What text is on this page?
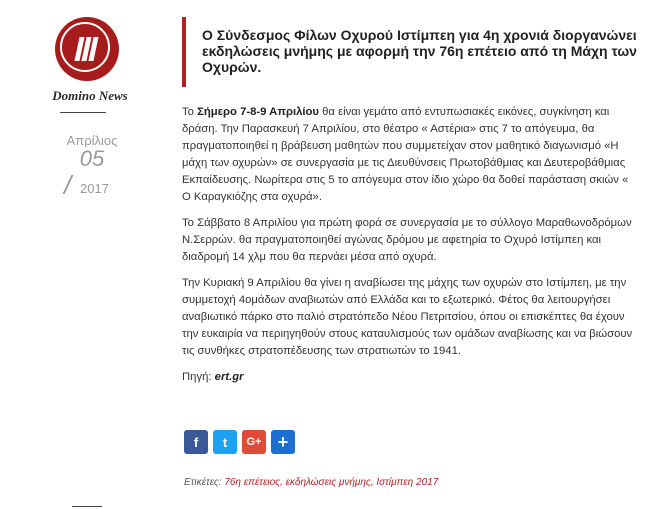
Domino News
Απρίλιος
05
/ 2017
Ο Σύνδεσμος Φίλων Οχυρού Ιστίμπεη για 4η χρονιά διοργανώνει εκδηλώσεις μνήμης με αφορμή την 76η επέτειο από τη Μάχη των Οχυρών.

Το Σήμερο 7-8-9 Απριλίου θα είναι γεμάτο από εντυπωσιακές εικόνες, συγκίνηση και δράση. Την Παρασκευή 7 Απριλίου, στο θέατρο « Αστέρια» στις 7 το απόγευμα, θα πραγματοποιηθεί η βράβευση μαθητών που συμμετείχαν στον μαθητικό διαγωνισμό «Η μάχη των οχυρών» σε συνεργασία με τις Διευθύνσεις Πρωτοβάθμιας και Δευτεροβάθμιας Εκπαίδευσης. Νωρίτερα στις 5 το απόγευμα στον ίδιο χώρο θα δοθεί παράσταση σκιών « Ο Καραγκιόζης στα οχυρά».

Το Σάββατο 8 Απριλίου για πρώτη φορά σε συνεργασία με το σύλλογο Μαραθωνοδρόμων Ν.Σερρών. θα πραγματοποιηθεί αγώνας δρόμου με αφετηρία το Οχυρό Ιστίμπεη και διαδρομή 14 χλμ που θα περνάει μέσα από οχυρά.

Την Κυριακή 9 Απριλίου θα γίνει η αναβίωσει της μάχης των οχυρών στο Ιστίμπεη, με την συμμετοχή 4ομάδων αναβιωτών από Ελλάδα και το εξωτερικό. Φέτος θα λειτουργήσει αναβιωτικό πάρκο στο παλιό στρατόπεδο Νέου Πετριτσίου, όπου οι επισκέπτες θα έχουν την ευκαιρία να περιηγηθούν στους καταυλισμούς των ομάδων αναβίωσης και να βιώσουν τις συνθήκες στρατοπέδευσης των στρατιωτών το 1941.

Πηγή: ert.gr

f t G+ +
Ετικέτες: 76η επέτειος, εκδηλώσεις μνήμης, Ιστίμπεη 2017
